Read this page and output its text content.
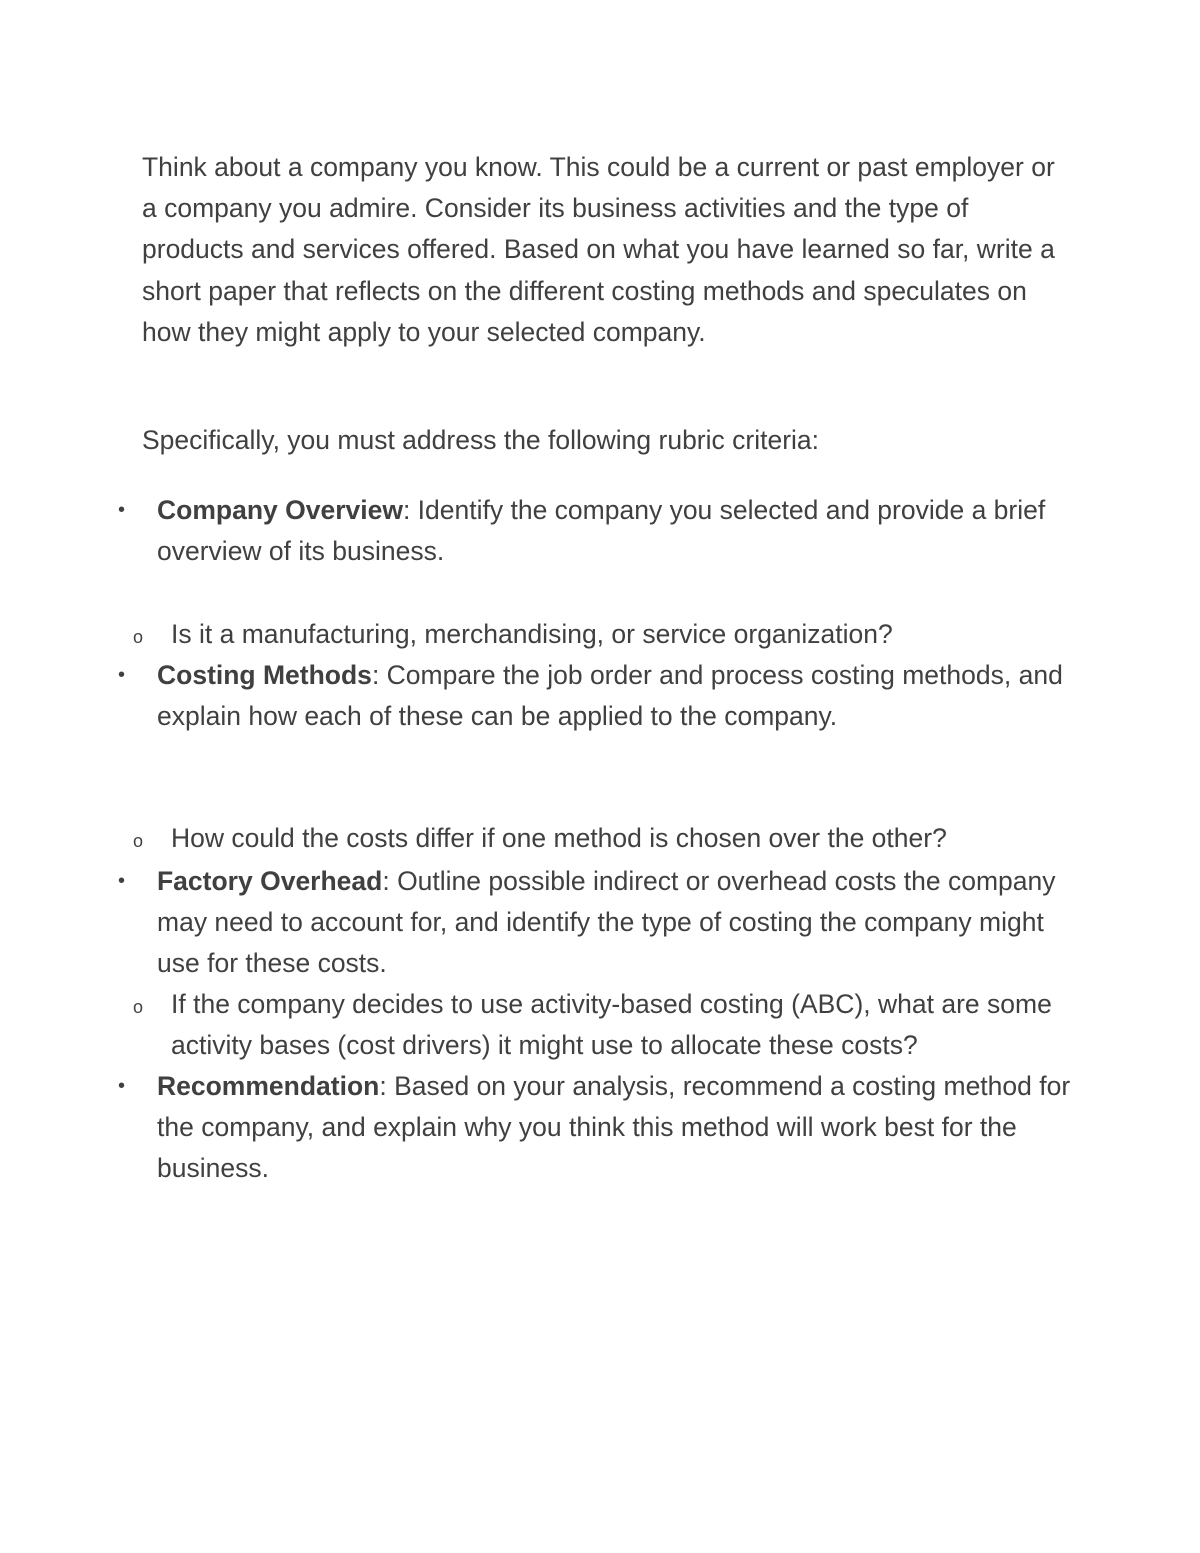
Think about a company you know. This could be a current or past employer or a company you admire. Consider its business activities and the type of products and services offered. Based on what you have learned so far, write a short paper that reflects on the different costing methods and speculates on how they might apply to your selected company.

Specifically, you must address the following rubric criteria:

• Company Overview: Identify the company you selected and provide a brief overview of its business.
o Is it a manufacturing, merchandising, or service organization?
• Costing Methods: Compare the job order and process costing methods, and explain how each of these can be applied to the company.
o How could the costs differ if one method is chosen over the other?
• Factory Overhead: Outline possible indirect or overhead costs the company may need to account for, and identify the type of costing the company might use for these costs.
o If the company decides to use activity-based costing (ABC), what are some activity bases (cost drivers) it might use to allocate these costs?
• Recommendation: Based on your analysis, recommend a costing method for the company, and explain why you think this method will work best for the business.
